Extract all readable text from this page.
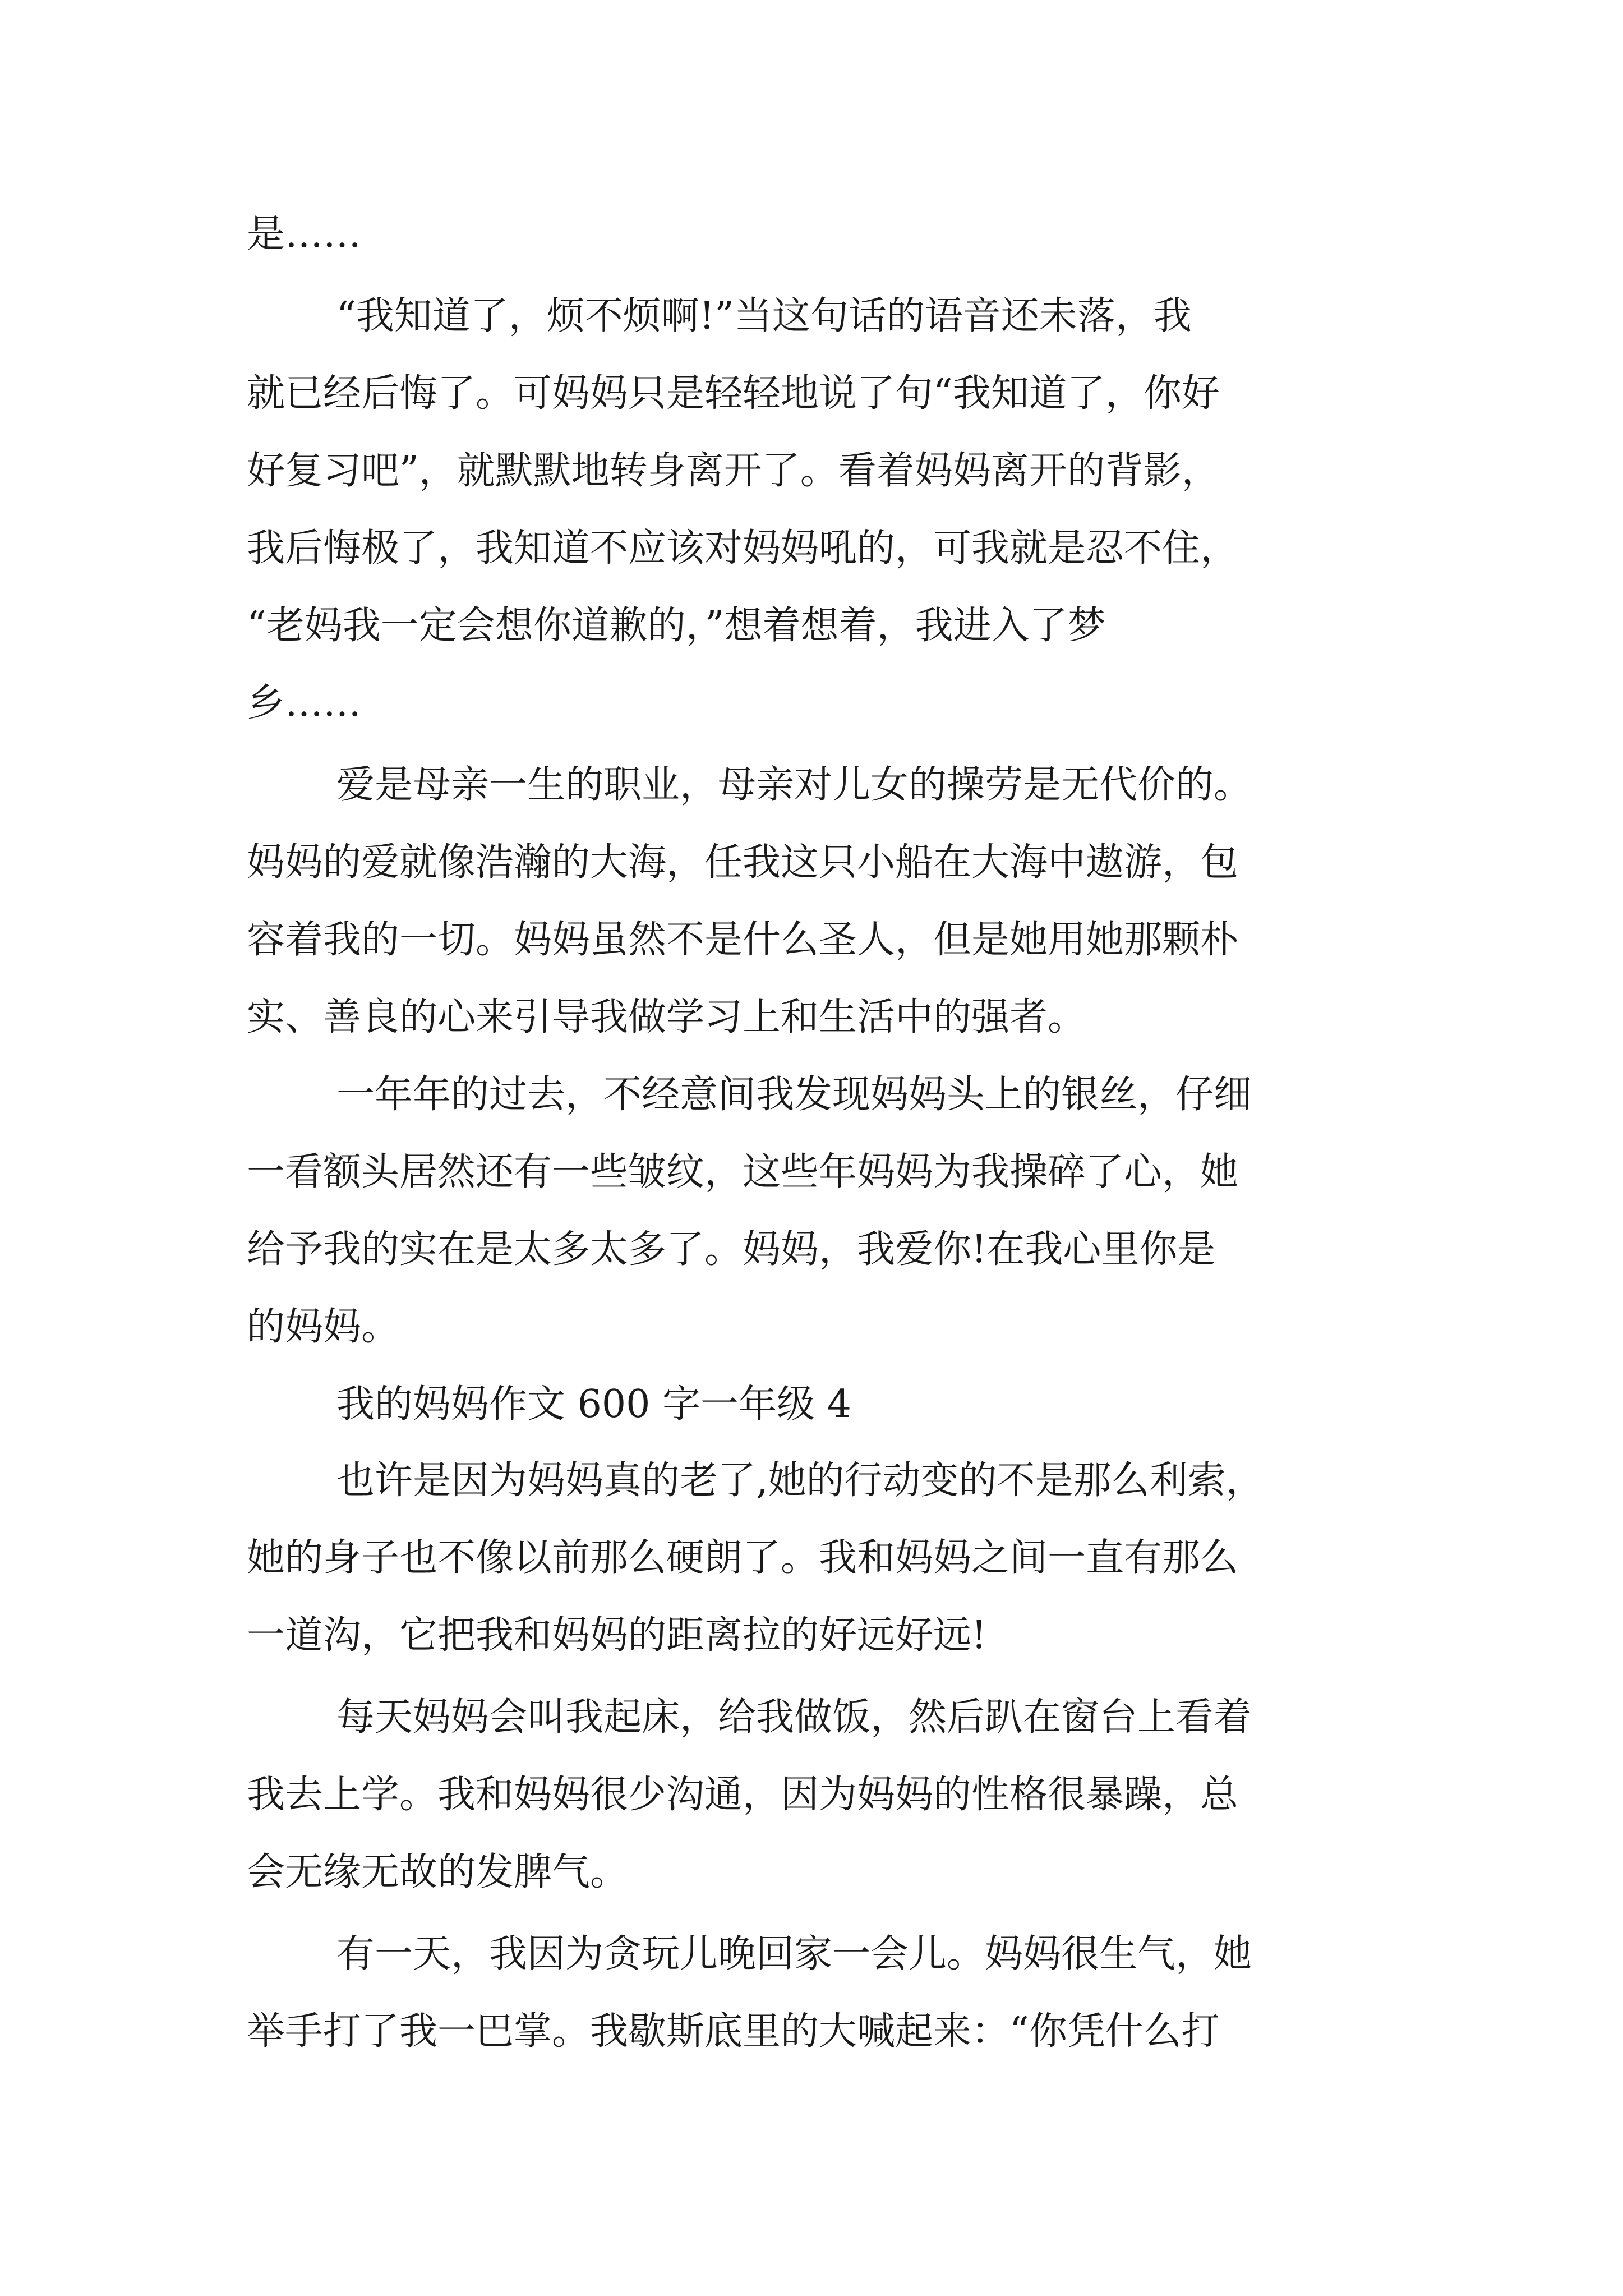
是……
“我知道了，烦不烦啊!”当这句话的语音还未落，我
就已经后悔了。可妈妈只是轻轻地说了句“我知道了，你好
好复习吧”，就默默地转身离开了。看着妈妈离开的背影，
我后悔极了，我知道不应该对妈妈吼的，可我就是忍不住，
“老妈我一定会想你道歉的，”想着想着，我进入了梦
乡……
爱是母亲一生的职业，母亲对儿女的操劳是无代价的。
妈妈的爱就像浩瀚的大海，任我这只小船在大海中遨游，包
容着我的一切。妈妈虽然不是什么圣人，但是她用她那颗朴
实、善良的心来引导我做学习上和生活中的强者。
一年年的过去，不经意间我发现妈妈头上的银丝，仔细
一看额头居然还有一些皱纹，这些年妈妈为我操碎了心，她
给予我的实在是太多太多了。妈妈，我爱你!在我心里你是
的妈妈。
我的妈妈作文 600 字一年级 4
也许是因为妈妈真的老了,她的行动变的不是那么利索，
她的身子也不像以前那么硬朗了。我和妈妈之间一直有那么
一道沟，它把我和妈妈的距离拉的好远好远!
每天妈妈会叫我起床，给我做饭，然后趴在窗台上看着
我去上学。我和妈妈很少沟通，因为妈妈的性格很暴躁，总
会无缘无故的发脾气。
有一天，我因为贪玩儿晚回家一会儿。妈妈很生气，她
举手打了我一巴掌。我歇斯底里的大喊起来：“你凭什么打
